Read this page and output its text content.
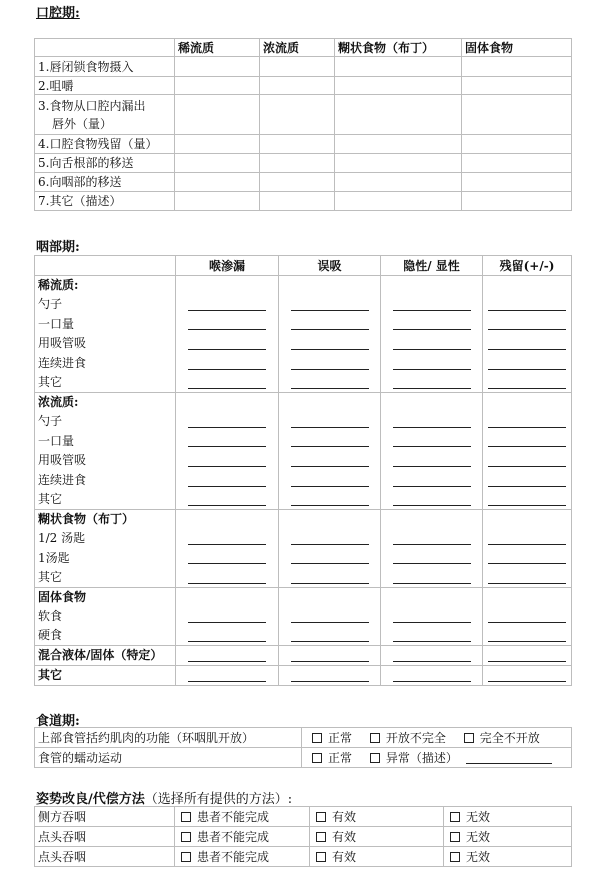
口腔期:
	稀流质	浓流质	糊状食物（布丁）	固体食物
1.唇闭锁食物摄入				
2.咀嚼				

3.食物从口腔内漏出
唇外（量）				

4.口腔食物残留（量）				
5.向舌根部的移送				
6.向咽部的移送				
7.其它（描述）				
咽部期:
	喉渗漏	误吸	隐性/ 显性	残留(+/-)
稀流质:				
勺子	

一口量	

用吸管吸	

连续进食	

其它	

浓流质:				
勺子	

一口量	

用吸管吸	

连续进食	

其它	

糊状食物（布丁）				
1/2 汤匙	

1汤匙	

其它	

固体食物				
软食	

硬食	

混合液体/固体（特定）	

其它	

食道期:
上部食管括约肌肉的功能（环咽肌开放）	正常 开放不完全 完全不开放
食管的蠕动运动	正常 异常（描述）
姿势改良/代偿方法（选择所有提供的方法）:
侧方吞咽	患者不能完成	有效	无效
点头吞咽	患者不能完成	有效	无效
点头吞咽	患者不能完成	有效	无效
